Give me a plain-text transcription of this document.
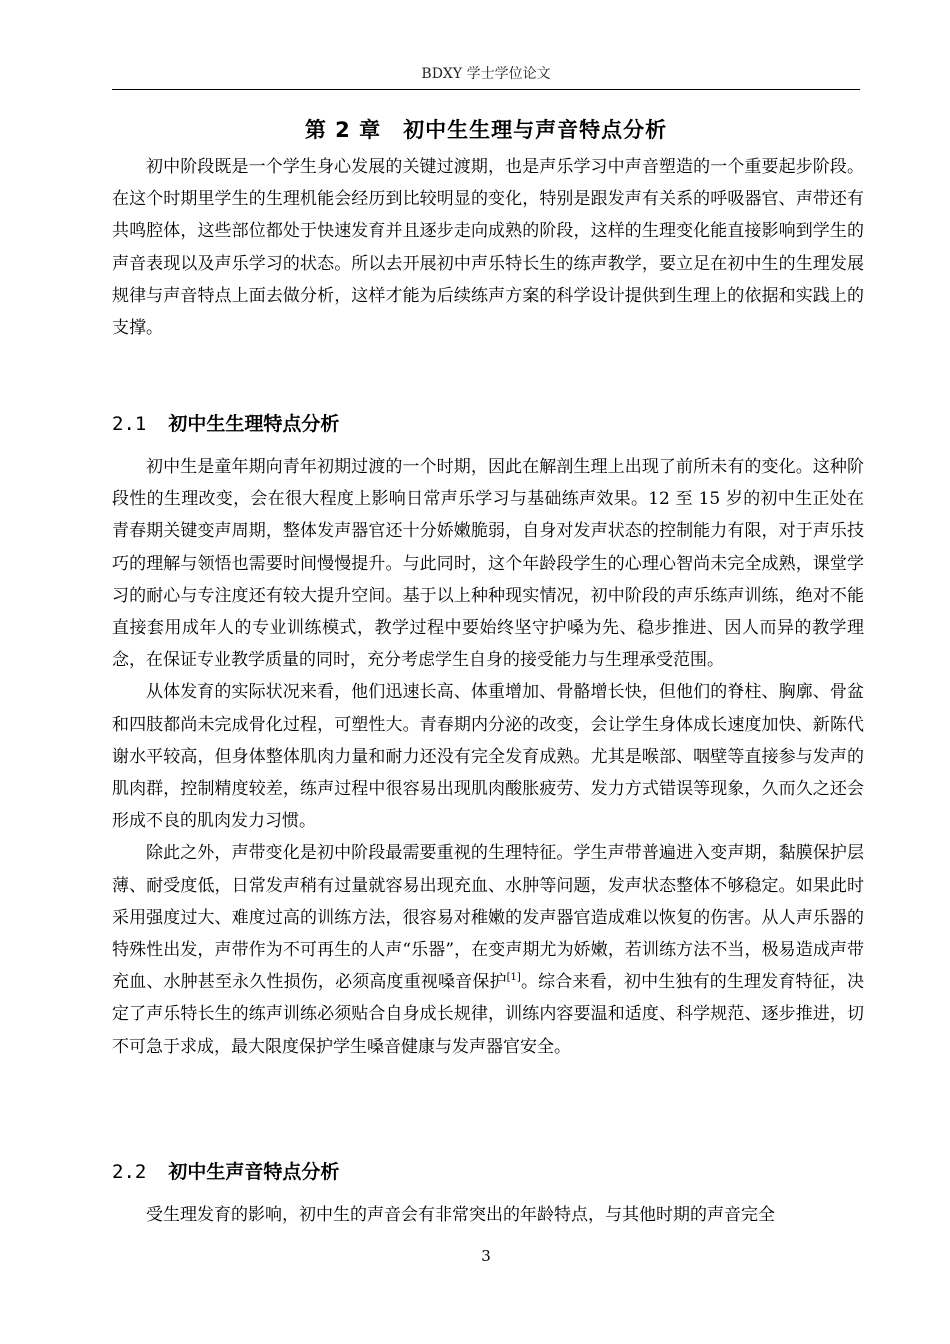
BDXY 学士学位论文
第 2 章　初中生生理与声音特点分析

初中阶段既是一个学生身心发展的关键过渡期，也是声乐学习中声音塑造的一个重要起步阶段。在这个时期里学生的生理机能会经历到比较明显的变化，特别是跟发声有关系的呼吸器官、声带还有共鸣腔体，这些部位都处于快速发育并且逐步走向成熟的阶段，这样的生理变化能直接影响到学生的声音表现以及声乐学习的状态。所以去开展初中声乐特长生的练声教学，要立足在初中生的生理发展规律与声音特点上面去做分析，这样才能为后续练声方案的科学设计提供到生理上的依据和实践上的支撑。

2.1 初中生生理特点分析

初中生是童年期向青年初期过渡的一个时期，因此在解剖生理上出现了前所未有的变化。这种阶段性的生理改变，会在很大程度上影响日常声乐学习与基础练声效果。12 至 15 岁的初中生正处在青春期关键变声周期，整体发声器官还十分娇嫩脆弱，自身对发声状态的控制能力有限，对于声乐技巧的理解与领悟也需要时间慢慢提升。与此同时，这个年龄段学生的心理心智尚未完全成熟，课堂学习的耐心与专注度还有较大提升空间。基于以上种种现实情况，初中阶段的声乐练声训练，绝对不能直接套用成年人的专业训练模式，教学过程中要始终坚守护嗓为先、稳步推进、因人而异的教学理念，在保证专业教学质量的同时，充分考虑学生自身的接受能力与生理承受范围。

从体发育的实际状况来看，他们迅速长高、体重增加、骨骼增长快，但他们的脊柱、胸廓、骨盆和四肢都尚未完成骨化过程，可塑性大。青春期内分泌的改变，会让学生身体成长速度加快、新陈代谢水平较高，但身体整体肌肉力量和耐力还没有完全发育成熟。尤其是喉部、咽壁等直接参与发声的肌肉群，控制精度较差，练声过程中很容易出现肌肉酸胀疲劳、发力方式错误等现象，久而久之还会形成不良的肌肉发力习惯。

除此之外，声带变化是初中阶段最需要重视的生理特征。学生声带普遍进入变声期，黏膜保护层薄、耐受度低，日常发声稍有过量就容易出现充血、水肿等问题，发声状态整体不够稳定。如果此时采用强度过大、难度过高的训练方法，很容易对稚嫩的发声器官造成难以恢复的伤害。从人声乐器的特殊性出发，声带作为不可再生的人声“乐器”，在变声期尤为娇嫩，若训练方法不当，极易造成声带充血、水肿甚至永久性损伤，必须高度重视嗓音保护[1]。综合来看，初中生独有的生理发育特征，决定了声乐特长生的练声训练必须贴合自身成长规律，训练内容要温和适度、科学规范、逐步推进，切不可急于求成，最大限度保护学生嗓音健康与发声器官安全。

2.2 初中生声音特点分析

受生理发育的影响，初中生的声音会有非常突出的年龄特点，与其他时期的声音完全

3
